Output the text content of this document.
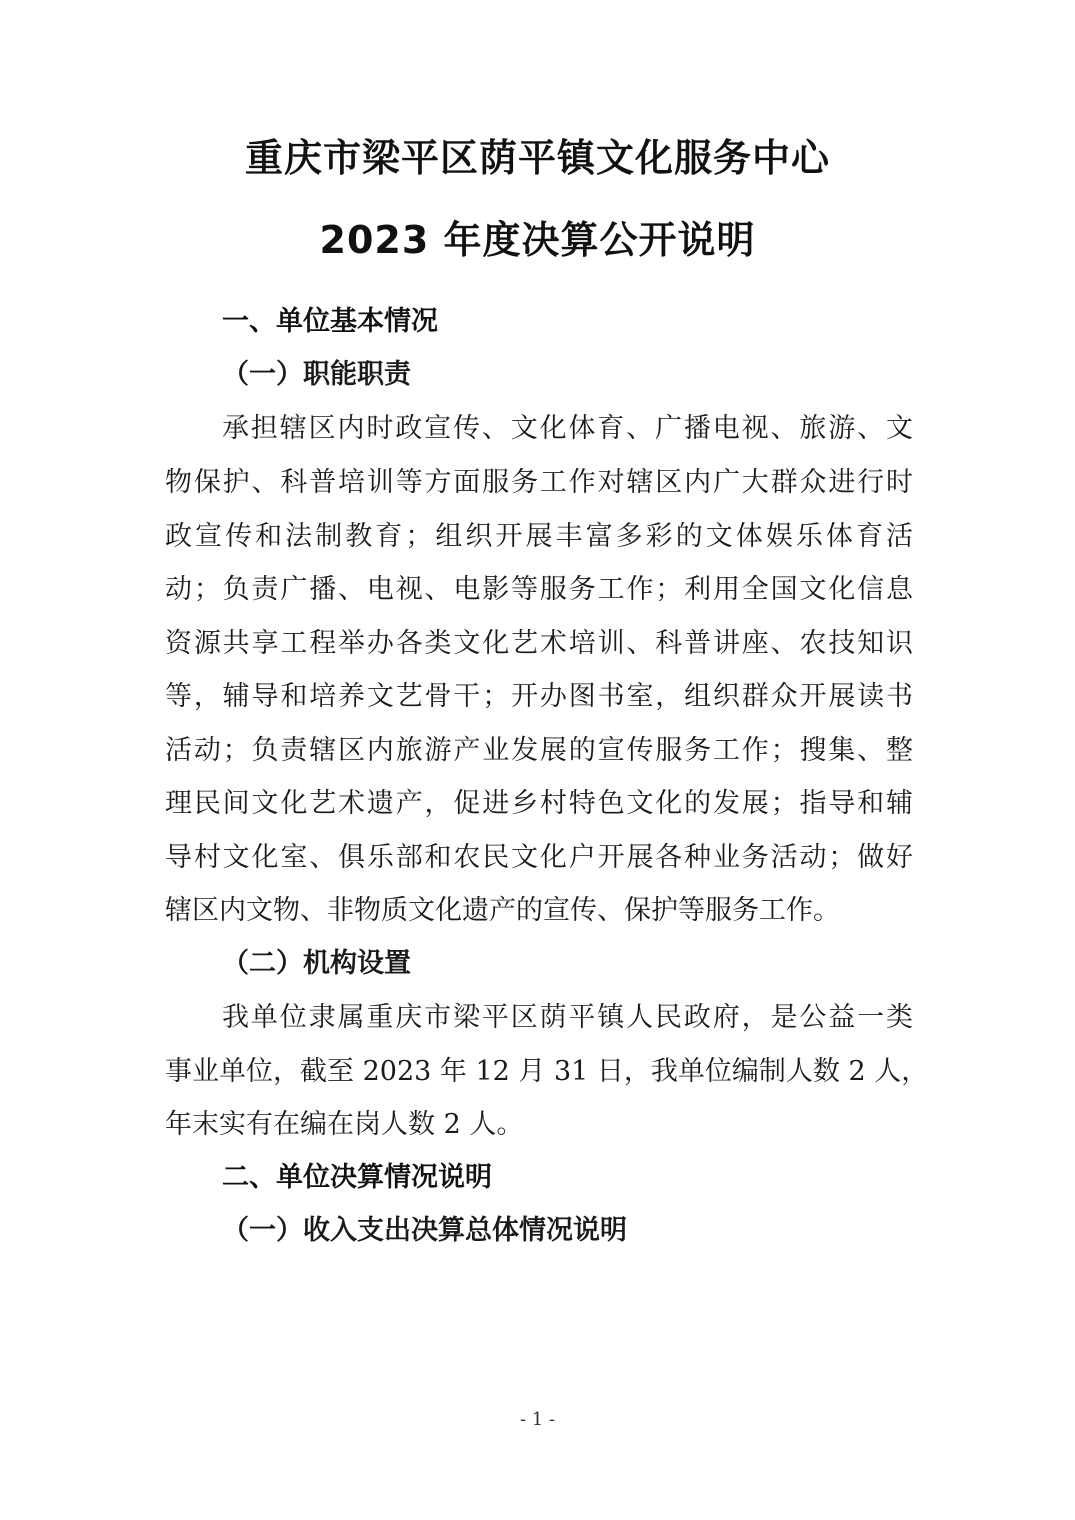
重庆市梁平区荫平镇文化服务中心
2023 年度决算公开说明
一、单位基本情况
（一）职能职责

承担辖区内时政宣传、文化体育、广播电视、旅游、文

物保护、科普培训等方面服务工作对辖区内广大群众进行时

政宣传和法制教育；组织开展丰富多彩的文体娱乐体育活

动；负责广播、电视、电影等服务工作；利用全国文化信息

资源共享工程举办各类文化艺术培训、科普讲座、农技知识

等，辅导和培养文艺骨干；开办图书室，组织群众开展读书

活动；负责辖区内旅游产业发展的宣传服务工作；搜集、整

理民间文化艺术遗产，促进乡村特色文化的发展；指导和辅

导村文化室、俱乐部和农民文化户开展各种业务活动；做好

辖区内文物、非物质文化遗产的宣传、保护等服务工作。

（二）机构设置

我单位隶属重庆市梁平区荫平镇人民政府，是公益一类

事业单位，截至 2023 年 12 月 31 日，我单位编制人数 2 人，

年末实有在编在岗人数 2 人。

二、单位决算情况说明
（一）收入支出决算总体情况说明
- 1 -
